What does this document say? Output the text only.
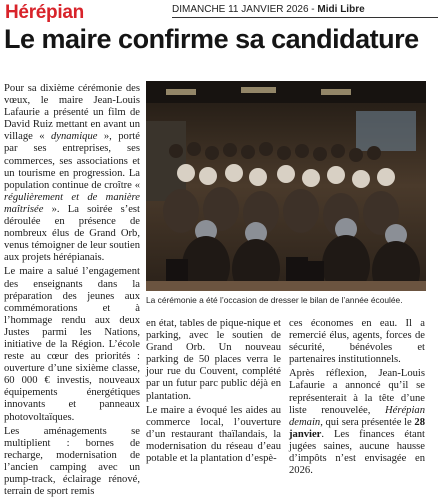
Hérépian	DIMANCHE 11 JANVIER 2026 - Midi Libre
Le maire confirme sa candidature

Pour sa dixième cérémonie des vœux, le maire Jean-Louis Lafaurie a présenté un film de David Ruiz mettant en avant un village « dynamique », porté par ses entreprises, ses commerces, ses associations et un tourisme en progression. La population continue de croître « régulièrement et de manière maîtrisée ». La soirée s’est déroulée en présence de nombreux élus de Grand Orb, venus témoigner de leur soutien aux projets hérépianais.

Le maire a salué l’engagement des enseignants dans la préparation des jeunes aux commémorations et à l’hommage rendu aux deux Justes parmi les Nations, initiative de la Région. L’école reste au cœur des priorités : ouverture d’une sixième classe, 60 000 € investis, nouveaux équipements énergétiques innovants et panneaux photovoltaïques.

Les aménagements se multiplient : bornes de recharge, modernisation de l’ancien camping avec un pump-track, éclairage rénové, terrain de sport remis

La cérémonie a été l’occasion de dresser le bilan de l’année écoulée.

en état, tables de pique-nique et parking, avec le soutien de Grand Orb. Un nouveau parking de 50 places verra le jour rue du Couvent, complété par un futur parc public déjà en plantation.

Le maire a évoqué les aides au commerce local, l’ouverture d’un restaurant thaïlandais, la modernisation du réseau d’eau potable et la plantation d’espè-

ces économes en eau. Il a remercié élus, agents, forces de sécurité, bénévoles et partenaires institutionnels.

Après réflexion, Jean-Louis Lafaurie a annoncé qu’il se représenterait à la tête d’une liste renouvelée, Hérépian demain, qui sera présentée le 28 janvier. Les finances étant jugées saines, aucune hausse d’impôts n’est envisagée en 2026.
